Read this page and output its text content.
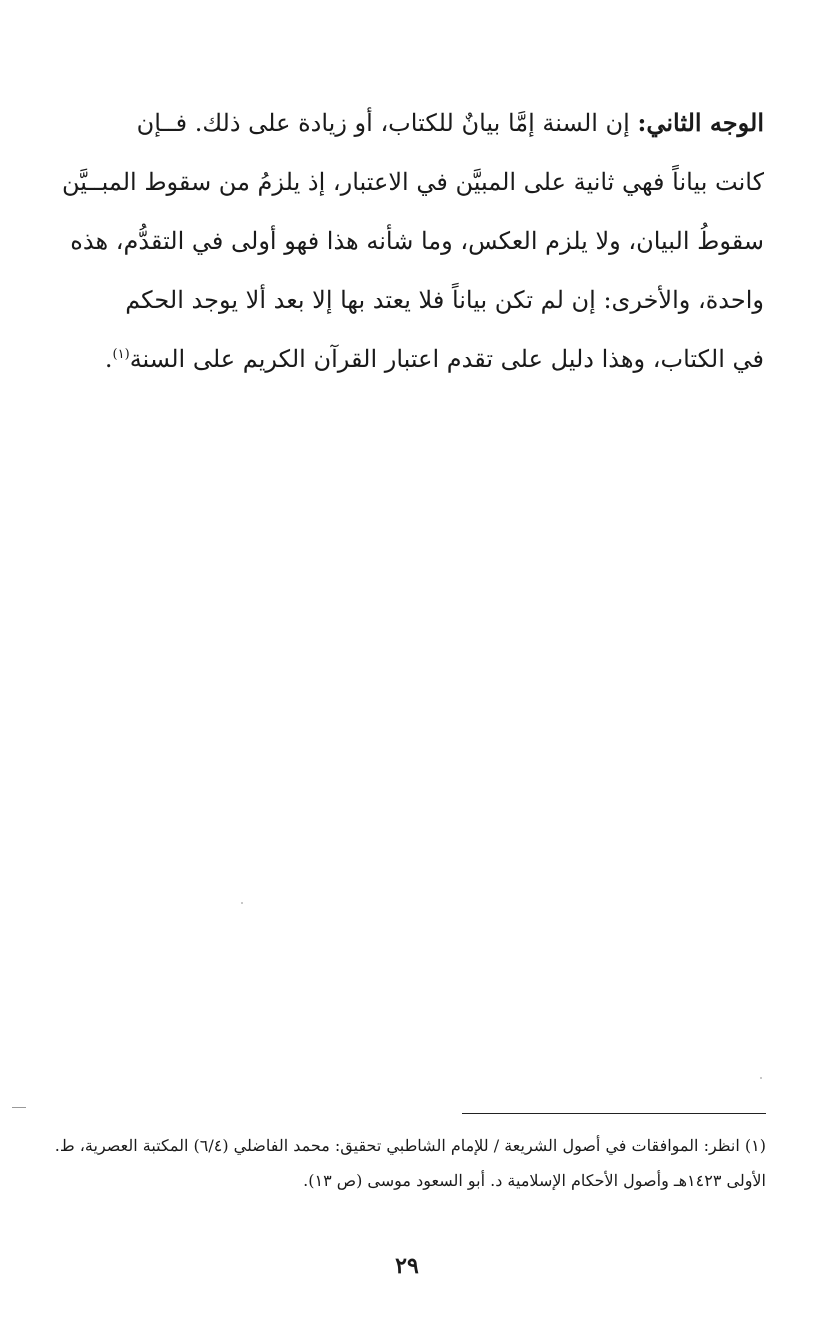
الوجه الثاني: إن السنة إمَّا بيانٌ للكتاب، أو زيادة على ذلك. فــإن
كانت بياناً فهي ثانية على المبيَّن في الاعتبار، إذ يلزمُ من سقوط المبــيَّن
سقوطُ البيان، ولا يلزم العكس، وما شأنه هذا فهو أولى في التقدُّم، هذه
واحدة، والأخرى: إن لم تكن بياناً فلا يعتد بها إلا بعد ألا يوجد الحكم
في الكتاب، وهذا دليل على تقدم اعتبار القرآن الكريم على السنة$^{(١)}$.
(١) انظر: الموافقات في أصول الشريعة / للإمام الشاطبي تحقيق: محمد الفاضلي (٦/٤) المكتبة العصرية، ط.
الأولى ١٤٢٣هـ وأصول الأحكام الإسلامية د. أبو السعود موسى (ص ١٣).
٢٩
